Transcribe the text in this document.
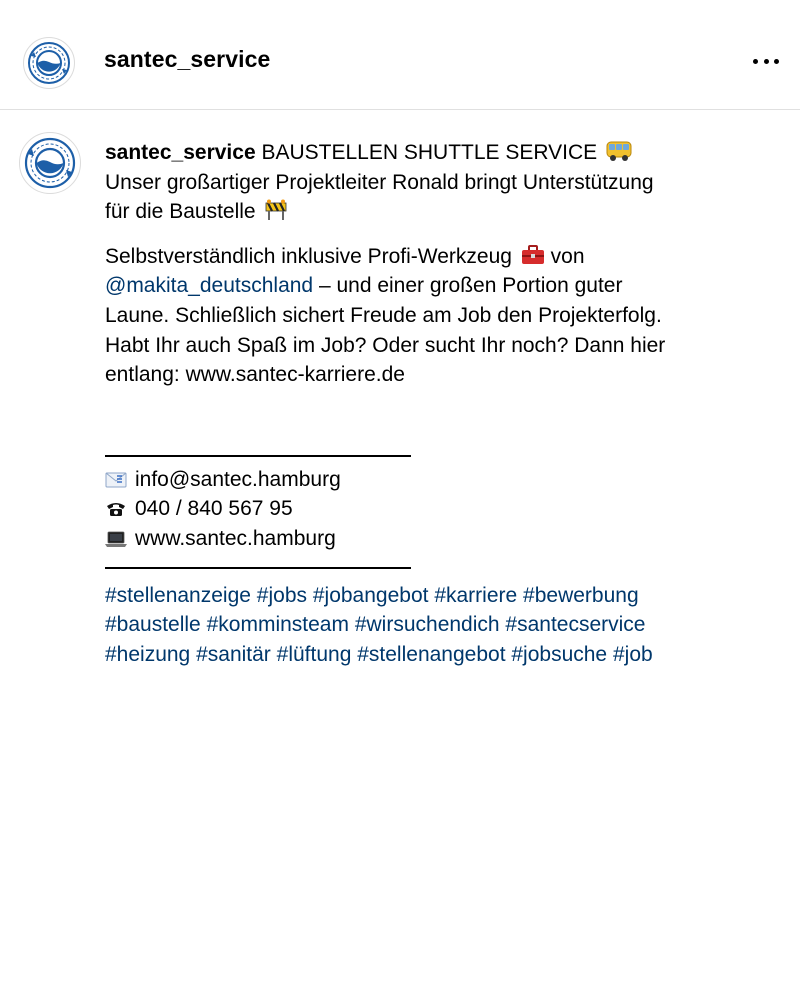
santec_service
santec_service BAUSTELLEN SHUTTLE SERVICE
Unser großartiger Projektleiter Ronald bringt Unterstützung
für die Baustelle
Selbstverständlich inklusive Profi-Werkzeug von
@makita_deutschland – und einer großen Portion guter
Laune. Schließlich sichert Freude am Job den Projekterfolg.
Habt Ihr auch Spaß im Job? Oder sucht Ihr noch? Dann hier
entlang: www.santec-karriere.de
info@santec.hamburg
040 / 840 567 95
www.santec.hamburg
#stellenanzeige #jobs #jobangebot #karriere #bewerbung
#baustelle #komminsteam #wirsuchendich #santecservice
#heizung #sanitär #lüftung #stellenangebot #jobsuche #job
